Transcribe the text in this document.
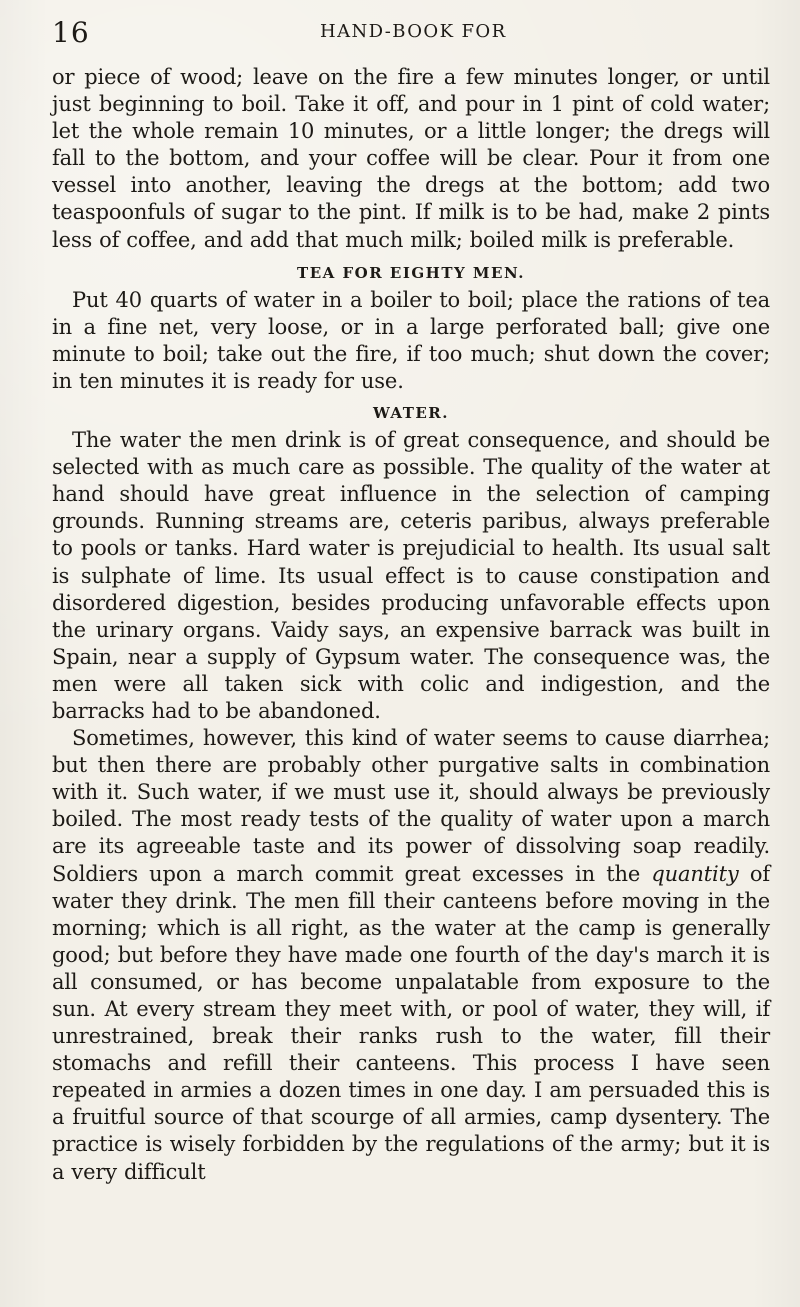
16	HAND-BOOK FOR

or piece of wood; leave on the fire a few minutes longer, or until just beginning to boil. Take it off, and pour in 1 pint of cold water; let the whole remain 10 minutes, or a little longer; the dregs will fall to the bottom, and your coffee will be clear. Pour it from one vessel into another, leaving the dregs at the bottom; add two teaspoonfuls of sugar to the pint. If milk is to be had, make 2 pints less of coffee, and add that much milk; boiled milk is preferable.

TEA FOR EIGHTY MEN.

Put 40 quarts of water in a boiler to boil; place the rations of tea in a fine net, very loose, or in a large perforated ball; give one minute to boil; take out the fire, if too much; shut down the cover; in ten minutes it is ready for use.

WATER.

The water the men drink is of great consequence, and should be selected with as much care as possible. The quality of the water at hand should have great influence in the selection of camping grounds. Running streams are, ceteris paribus, always preferable to pools or tanks. Hard water is prejudicial to health. Its usual salt is sulphate of lime. Its usual effect is to cause constipation and disordered digestion, besides producing unfavorable effects upon the urinary organs. Vaidy says, an expensive barrack was built in Spain, near a supply of Gypsum water. The consequence was, the men were all taken sick with colic and indigestion, and the barracks had to be abandoned.

Sometimes, however, this kind of water seems to cause diarrhea; but then there are probably other purgative salts in combination with it. Such water, if we must use it, should always be previously boiled. The most ready tests of the quality of water upon a march are its agreeable taste and its power of dissolving soap readily. Soldiers upon a march commit great excesses in the quantity of water they drink. The men fill their canteens before moving in the morning; which is all right, as the water at the camp is generally good; but before they have made one fourth of the day's march it is all consumed, or has become unpalatable from exposure to the sun. At every stream they meet with, or pool of water, they will, if unrestrained, break their ranks rush to the water, fill their stomachs and refill their canteens. This process I have seen repeated in armies a dozen times in one day. I am persuaded this is a fruitful source of that scourge of all armies, camp dysentery. The practice is wisely forbidden by the regulations of the army; but it is a very difficult
